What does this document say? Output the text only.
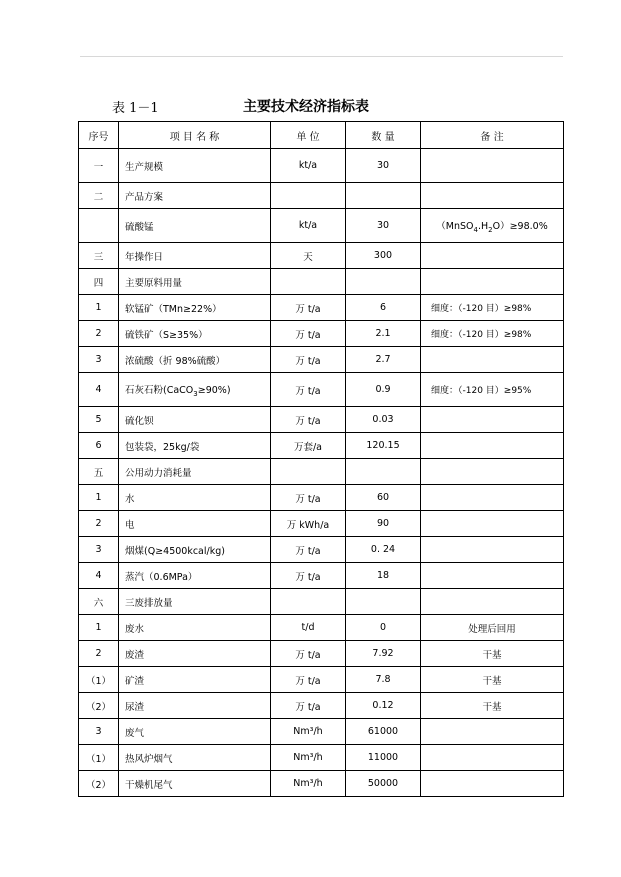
表 1－1	主要技术经济指标表
序号	项 目 名 称	单 位	数 量	备 注
一	生产规模	kt/a	30	
二	产品方案			
	硫酸锰	kt/a	30	$(MnSO_4.H_2O)\ge 98.0\%$
三	年操作日	天	300	
四	主要原料用量			
1	软锰矿（TMn≥22%）	万 t/a	6	细度：（-120 目）≥98%
2	硫铁矿（S≥35%）	万 t/a	2.1	细度：（-120 目）≥98%
3	浓硫酸（折 98%硫酸）	万 t/a	2.7	
4	石灰石粉(CaCO$_3$≥90%)	万 t/a	0.9	细度：（-120 目）≥95%
5	硫化钡	万 t/a	0.03	
6	包装袋，25kg/袋	万套/a	120.15	
五	公用动力消耗量			
1	水	万 t/a	60	
2	电	万 kWh/a	90	
3	烟煤(Q≥4500kcal/kg)	万 t/a	0. 24	
4	蒸汽（0.6MPa）	万 t/a	18	
六	三废排放量			
1	废水	t/d	0	处理后回用
2	废渣	万 t/a	7.92	干基
（1）	矿渣	万 t/a	7.8	干基
（2）	尿渣	万 t/a	0.12	干基
3	废气	Nm³/h	61000	
（1）	热风炉烟气	Nm³/h	11000	
（2）	干燥机尾气	Nm³/h	50000	
